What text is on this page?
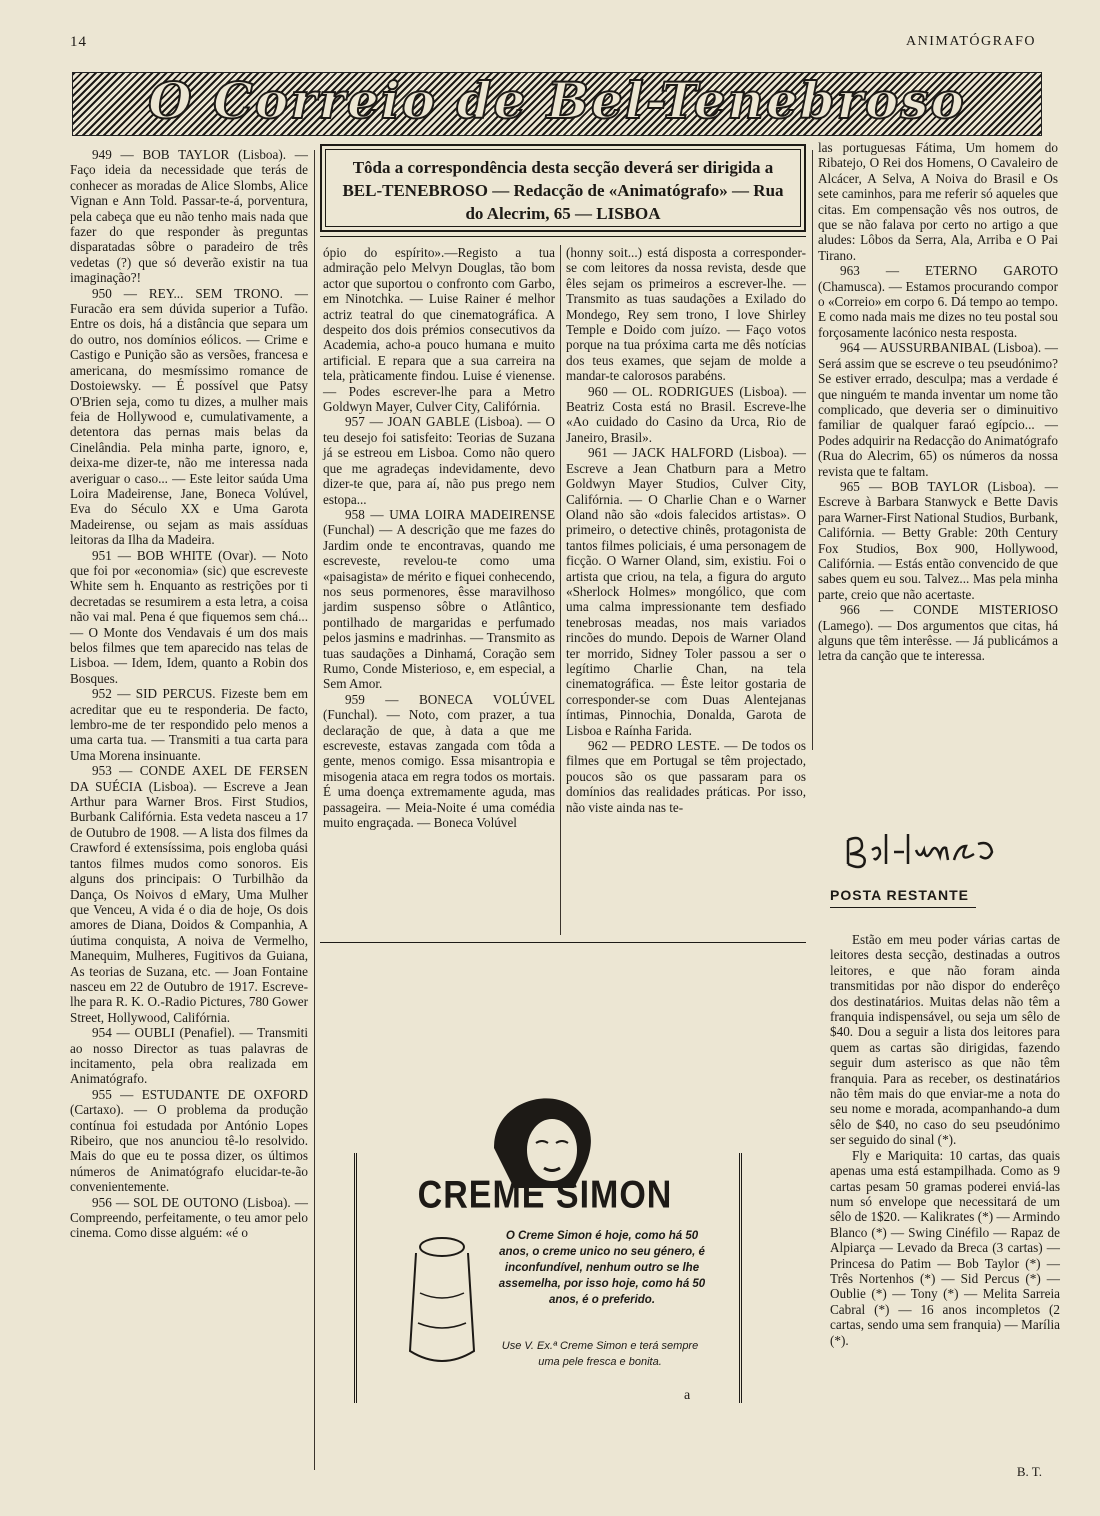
14	ANIMATÓGRAFO
O Correio de Bel-Tenebroso

949 — BOB TAYLOR (Lisboa). — Faço ideia da necessidade que terás de conhecer as moradas de Alice Slombs, Alice Vignan e Ann Told. Passar-te-á, porventura, pela cabeça que eu não tenho mais nada que fazer do que responder às preguntas disparatadas sôbre o paradeiro de três vedetas (?) que só deverão existir na tua imaginação?!

950 — REY... SEM TRONO. — Furacão era sem dúvida superior a Tufão. Entre os dois, há a distância que separa um do outro, nos domínios eólicos. — Crime e Castigo e Punição são as versões, francesa e americana, do mesmíssimo romance de Dostoiewsky. — É possível que Patsy O'Brien seja, como tu dizes, a mulher mais feia de Hollywood e, cumulativamente, a detentora das pernas mais belas da Cinelândia. Pela minha parte, ignoro, e, deixa-me dizer-te, não me interessa nada averiguar o caso... — Este leitor saúda Uma Loira Madeirense, Jane, Boneca Volúvel, Eva do Século XX e Uma Garota Madeirense, ou sejam as mais assíduas leitoras da Ilha da Madeira.

951 — BOB WHITE (Ovar). — Noto que foi por «economia» (sic) que escreveste White sem h. Enquanto as restrições por ti decretadas se resumirem a esta letra, a coisa não vai mal. Pena é que fiquemos sem chá... — O Monte dos Vendavais é um dos mais belos filmes que tem aparecido nas telas de Lisboa. — Idem, Idem, quanto a Robin dos Bosques.

952 — SID PERCUS. Fizeste bem em acreditar que eu te responderia. De facto, lembro-me de ter respondido pelo menos a uma carta tua. — Transmiti a tua carta para Uma Morena insinuante.

953 — CONDE AXEL DE FERSEN DA SUÉCIA (Lisboa). — Escreve a Jean Arthur para Warner Bros. First Studios, Burbank Califórnia. Esta vedeta nasceu a 17 de Outubro de 1908. — A lista dos filmes da Crawford é extensíssima, pois engloba quási tantos filmes mudos como sonoros. Eis alguns dos principais: O Turbilhão da Dança, Os Noivos d eMary, Uma Mulher que Venceu, A vida é o dia de hoje, Os dois amores de Diana, Doidos & Companhia, A úutima conquista, A noiva de Vermelho, Manequim, Mulheres, Fugitivos da Guiana, As teorias de Suzana, etc. — Joan Fontaine nasceu em 22 de Outubro de 1917. Escreve-lhe para R. K. O.-Radio Pictures, 780 Gower Street, Hollywood, Califórnia.

954 — OUBLI (Penafiel). — Transmiti ao nosso Director as tuas palavras de incitamento, pela obra realizada em Animatógrafo.

955 — ESTUDANTE DE OXFORD (Cartaxo). — O problema da produção contínua foi estudada por António Lopes Ribeiro, que nos anunciou tê-lo resolvido. Mais do que eu te possa dizer, os últimos números de Animatógrafo elucidar-te-ão convenientemente.

956 — SOL DE OUTONO (Lisboa). — Compreendo, perfeitamente, o teu amor pelo cinema. Como disse alguém: «é o

Tôda a correspondência desta secção deverá ser dirigida a BEL-TENEBROSO — Redacção de «Animatógrafo» — Rua do Alecrim, 65 — LISBOA

ópio do espírito».—Registo a tua admiração pelo Melvyn Douglas, tão bom actor que suportou o confronto com Garbo, em Ninotchka. — Luise Rainer é melhor actriz teatral do que cinematográfica. A despeito dos dois prémios consecutivos da Academia, acho-a pouco humana e muito artificial. E repara que a sua carreira na tela, pràticamente findou. Luise é vienense. — Podes escrever-lhe para a Metro Goldwyn Mayer, Culver City, Califórnia.

957 — JOAN GABLE (Lisboa). — O teu desejo foi satisfeito: Teorias de Suzana já se estreou em Lisboa. Como não quero que me agradeças indevidamente, devo dizer-te que, para aí, não pus prego nem estopa...

958 — UMA LOIRA MADEIRENSE (Funchal) — A descrição que me fazes do Jardim onde te encontravas, quando me escreveste, revelou-te como uma «paisagista» de mérito e fiquei conhecendo, nos seus pormenores, êsse maravilhoso jardim suspenso sôbre o Atlântico, pontilhado de margaridas e perfumado pelos jasmins e madrinhas. — Transmito as tuas saudações a Dinhamá, Coração sem Rumo, Conde Misterioso, e, em especial, a Sem Amor.

959 — BONECA VOLÚVEL (Funchal). — Noto, com prazer, a tua declaração de que, à data a que me escreveste, estavas zangada com tôda a gente, menos comigo. Essa misantropia e misogenia ataca em regra todos os mortais. É uma doença extremamente aguda, mas passageira. — Meia-Noite é uma comédia muito engraçada. — Boneca Volúvel

(honny soit...) está disposta a corresponder-se com leitores da nossa revista, desde que êles sejam os primeiros a escrever-lhe. — Transmito as tuas saudações a Exilado do Mondego, Rey sem trono, I love Shirley Temple e Doido com juízo. — Faço votos porque na tua próxima carta me dês notícias dos teus exames, que sejam de molde a mandar-te calorosos parabéns.

960 — OL. RODRIGUES (Lisboa). — Beatriz Costa está no Brasil. Escreve-lhe «Ao cuidado do Casino da Urca, Rio de Janeiro, Brasil».

961 — JACK HALFORD (Lisboa). — Escreve a Jean Chatburn para a Metro Goldwyn Mayer Studios, Culver City, Califórnia. — O Charlie Chan e o Warner Oland não são «dois falecidos artistas». O primeiro, o detective chinês, protagonista de tantos filmes policiais, é uma personagem de ficção. O Warner Oland, sim, existiu. Foi o artista que criou, na tela, a figura do arguto «Sherlock Holmes» mongólico, que com uma calma impressionante tem desfiado tenebrosas meadas, nos mais variados rincões do mundo. Depois de Warner Oland ter morrido, Sidney Toler passou a ser o legítimo Charlie Chan, na tela cinematográfica. — Êste leitor gostaria de corresponder-se com Duas Alentejanas íntimas, Pinnochia, Donalda, Garota de Lisboa e Raínha Farida.

962 — PEDRO LESTE. — De todos os filmes que em Portugal se têm projectado, poucos são os que passaram para os domínios das realidades práticas. Por isso, não viste ainda nas te-

CREME SIMON
O Creme Simon é hoje, como há 50 anos, o creme unico no seu género, é inconfundível, nenhum outro se lhe assemelha, por isso hoje, como há 50 anos, é o preferido.
Use V. Ex.ª Creme Simon e terá sempre uma pele fresca e bonita.
a

las portuguesas Fátima, Um homem do Ribatejo, O Rei dos Homens, O Cavaleiro de Alcácer, A Selva, A Noiva do Brasil e Os sete caminhos, para me referir só aqueles que citas. Em compensação vês nos outros, de que se não falava por certo no artigo a que aludes: Lôbos da Serra, Ala, Arriba e O Pai Tirano.

963 — ETERNO GAROTO (Chamusca). — Estamos procurando compor o «Correio» em corpo 6. Dá tempo ao tempo. E como nada mais me dizes no teu postal sou forçosamente lacónico nesta resposta.

964 — AUSSURBANIBAL (Lisboa). — Será assim que se escreve o teu pseudónimo? Se estiver errado, desculpa; mas a verdade é que ninguém te manda inventar um nome tão complicado, que deveria ser o diminuitivo familiar de qualquer faraó egípcio... — Podes adquirir na Redacção do Animatógrafo (Rua do Alecrim, 65) os números da nossa revista que te faltam.

965 — BOB TAYLOR (Lisboa). — Escreve à Barbara Stanwyck e Bette Davis para Warner-First National Studios, Burbank, Califórnia. — Betty Grable: 20th Century Fox Studios, Box 900, Hollywood, Califórnia. — Estás então convencido de que sabes quem eu sou. Talvez... Mas pela minha parte, creio que não acertaste.

966 — CONDE MISTERIOSO (Lamego). — Dos argumentos que citas, há alguns que têm interêsse. — Já publicámos a letra da canção que te interessa.

POSTA RESTANTE

Estão em meu poder várias cartas de leitores desta secção, destinadas a outros leitores, e que não foram ainda transmitidas por não dispor do enderêço dos destinatários. Muitas delas não têm a franquia indispensável, ou seja um sêlo de $40. Dou a seguir a lista dos leitores para quem as cartas são dirigidas, fazendo seguir dum asterisco as que não têm franquia. Para as receber, os destinatários não têm mais do que enviar-me a nota do seu nome e morada, acompanhando-a dum sêlo de $40, no caso do seu pseudónimo ser seguido do sinal (*).

Fly e Mariquita: 10 cartas, das quais apenas uma está estampilhada. Como as 9 cartas pesam 50 gramas poderei enviá-las num só envelope que necessitará de um sêlo de 1$20. — Kalikrates (*) — Armindo Blanco (*) — Swing Cinéfilo — Rapaz de Alpiarça — Levado da Breca (3 cartas) — Princesa do Patim — Bob Taylor (*) — Três Nortenhos (*) — Sid Percus (*) — Oublie (*) — Tony (*) — Melita Sarreia Cabral (*) — 16 anos incompletos (2 cartas, sendo uma sem franquia) — Marília (*).

B. T.
